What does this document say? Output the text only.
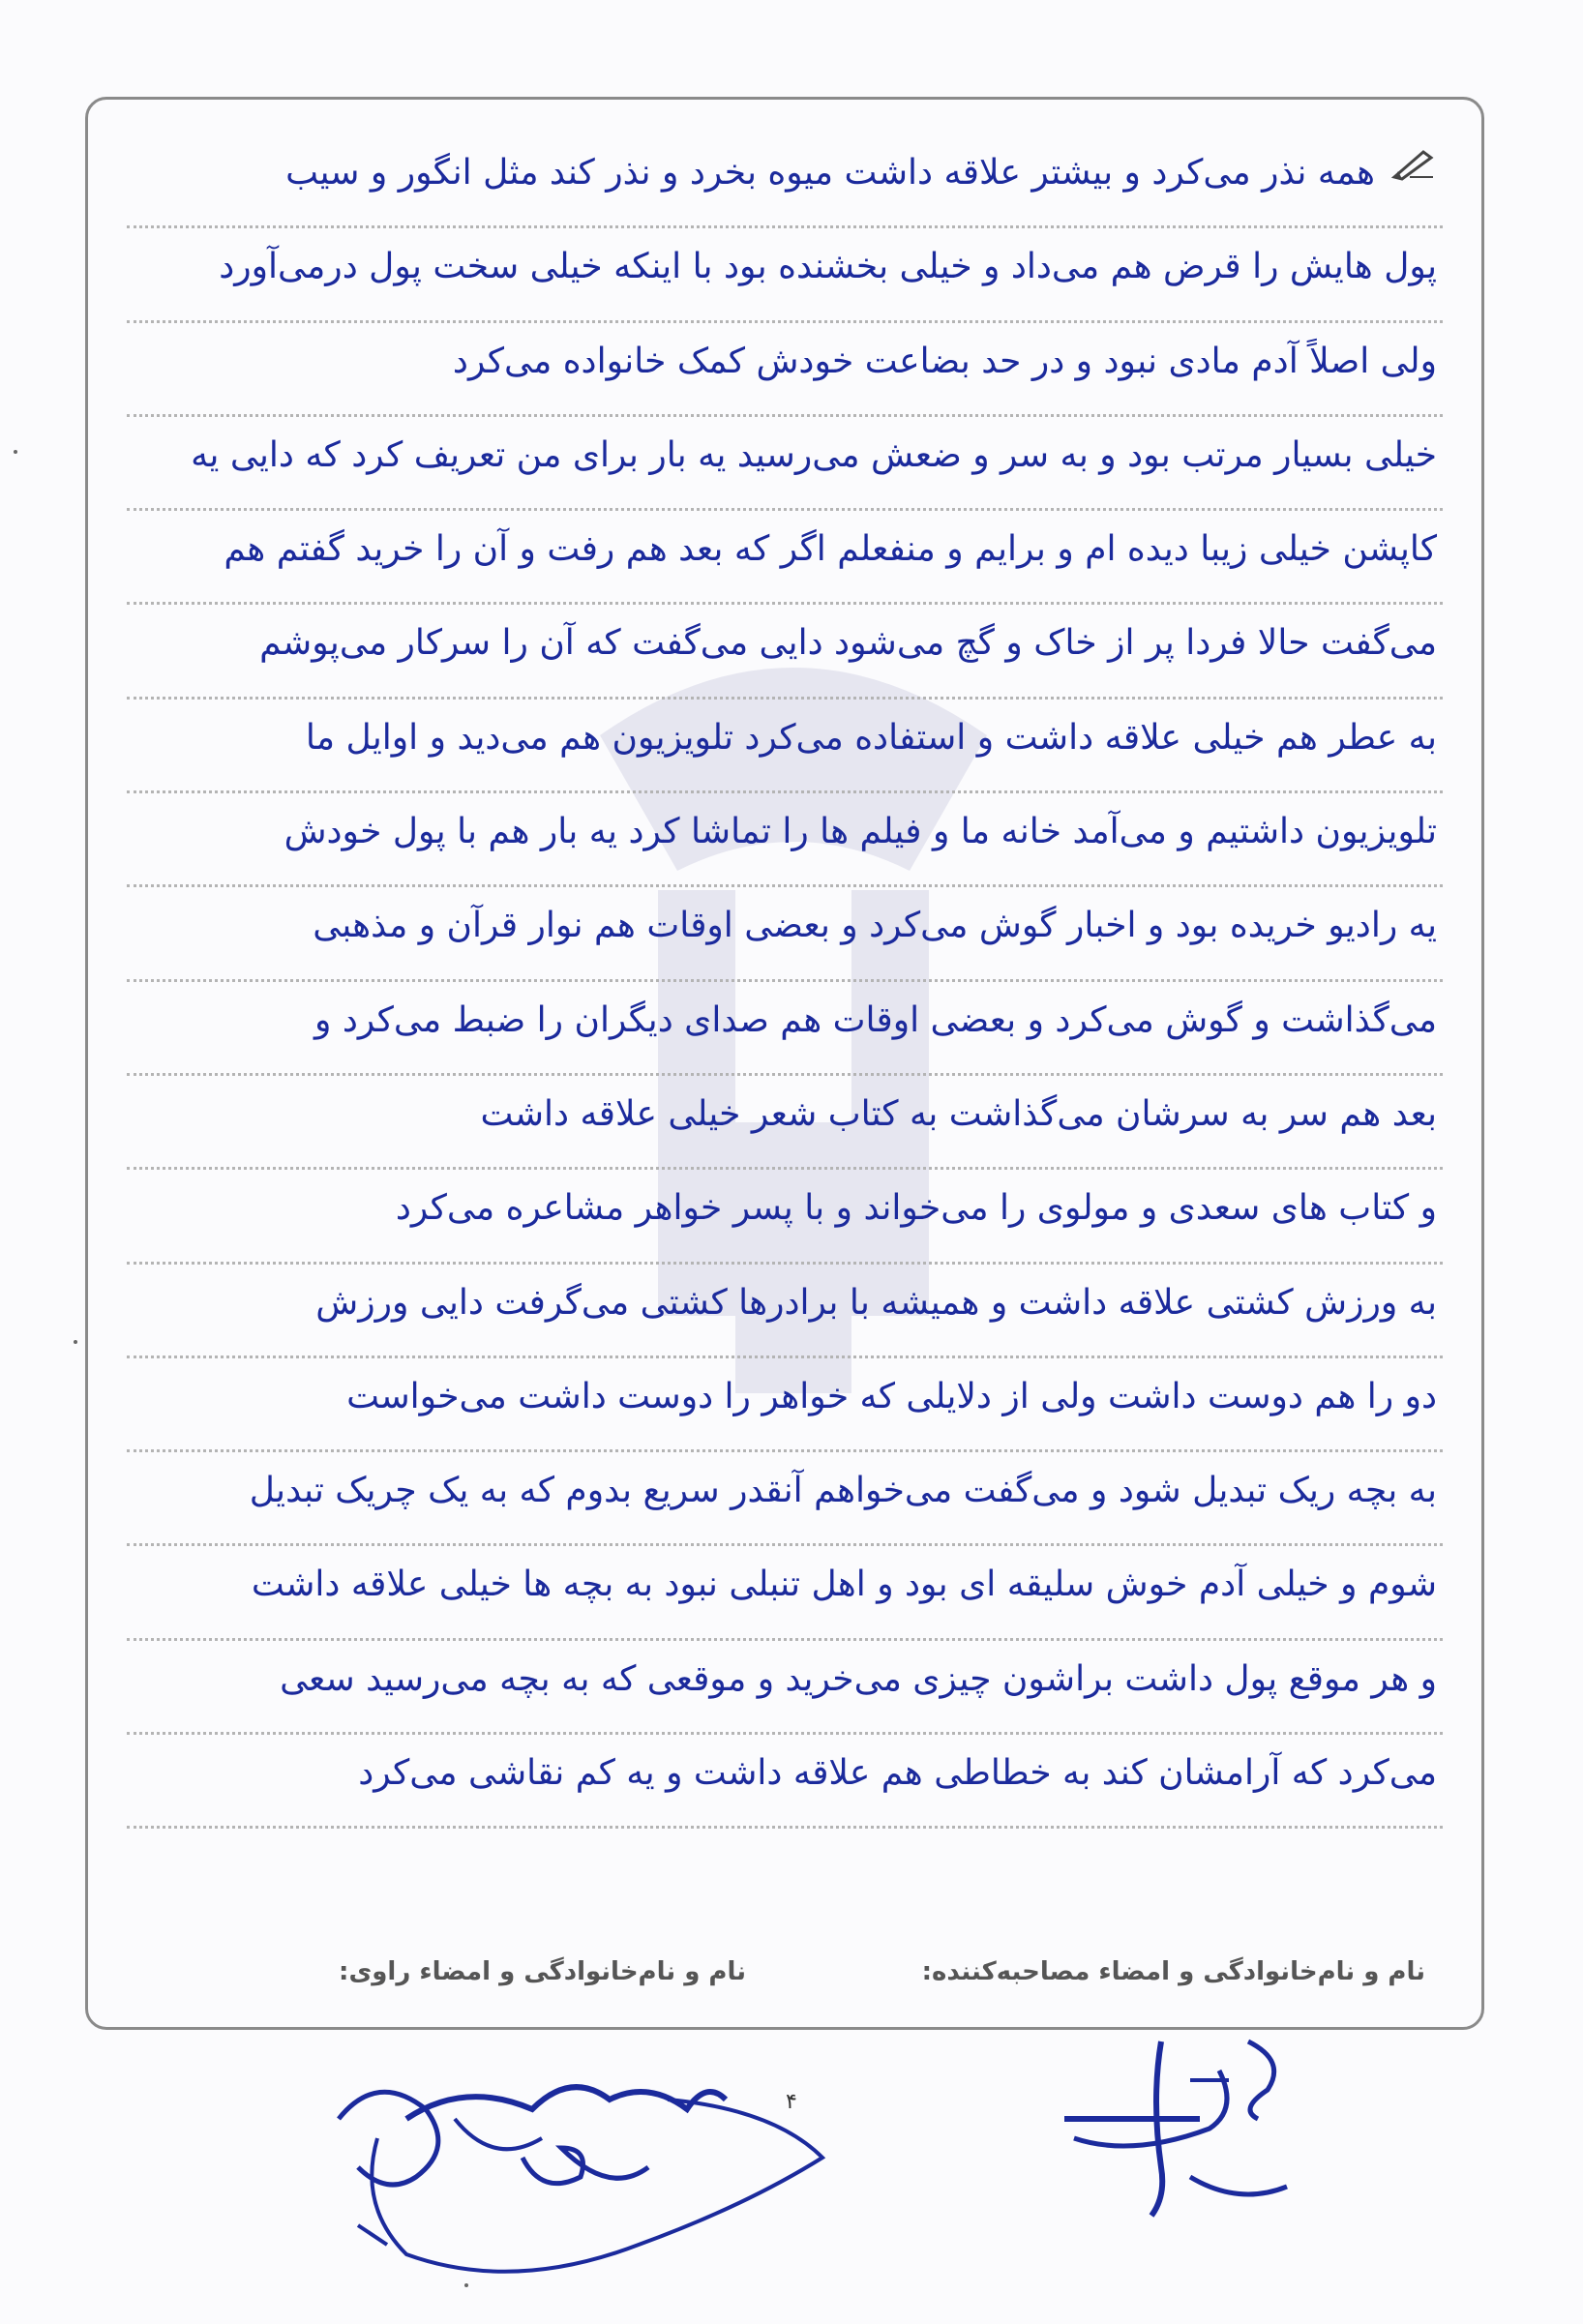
همه نذر می‌کرد و بیشتر علاقه داشت میوه بخرد و نذر کند مثل انگور و سیب
پول هایش را قرض هم می‌داد و خیلی بخشنده بود با اینکه خیلی سخت پول درمی‌آورد
ولی اصلاً آدم مادی نبود و در حد بضاعت خودش کمک خانواده می‌کرد
خیلی بسیار مرتب بود و به سر و ضعش می‌رسید یه بار برای من تعریف کرد که دایی یه
کاپشن خیلی زیبا دیده ام و برایم و منفعلم اگر که بعد هم رفت و آن را خرید گفتم هم
می‌گفت حالا فردا پر از خاک و گچ می‌شود دایی می‌گفت که آن را سرکار می‌پوشم
به عطر هم خیلی علاقه داشت و استفاده می‌کرد تلویزیون هم می‌دید و اوایل ما
تلویزیون داشتیم و می‌آمد خانه ما و فیلم ها را تماشا کرد یه بار هم با پول خودش
یه رادیو خریده بود و اخبار گوش می‌کرد و بعضی اوقات هم نوار قرآن و مذهبی
می‌گذاشت و گوش می‌کرد و بعضی اوقات هم صدای دیگران را ضبط می‌کرد و
بعد هم سر به سرشان می‌گذاشت به کتاب شعر خیلی علاقه داشت
و کتاب های سعدی و مولوی را می‌خواند و با پسر خواهر مشاعره می‌کرد
به ورزش کشتی علاقه داشت و همیشه با برادرها کشتی می‌گرفت دایی ورزش
دو را هم دوست داشت ولی از دلایلی که خواهر را دوست داشت می‌خواست
به بچه ریک تبدیل شود و می‌گفت می‌خواهم آنقدر سریع بدوم که به یک چریک تبدیل
شوم و خیلی آدم خوش سلیقه ای بود و اهل تنبلی نبود به بچه ها خیلی علاقه داشت
و هر موقع پول داشت براشون چیزی می‌خرید و موقعی که به بچه می‌رسید سعی
می‌کرد که آرامشان کند به خطاطی هم علاقه داشت و یه کم نقاشی می‌کرد
نام و نام‌خانوادگی و امضاء مصاحبه‌کننده:
نام و نام‌خانوادگی و امضاء راوی:
۴
